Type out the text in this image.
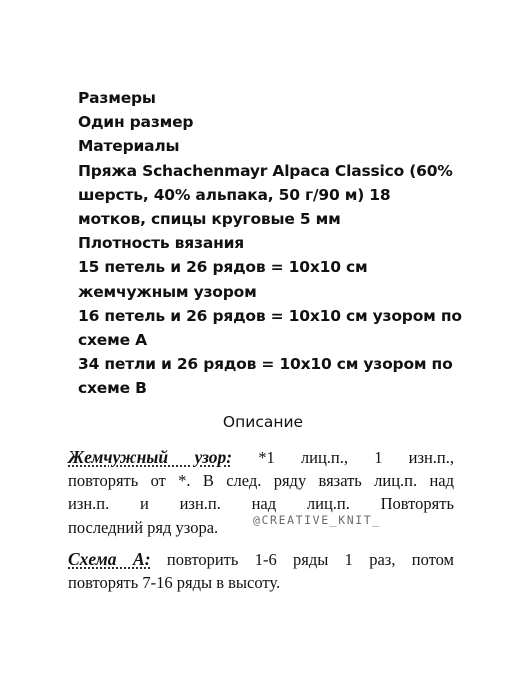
Размеры
Один размер
Материалы
Пряжа Schachenmayr Alpaca Classico (60%
шерсть, 40% альпака, 50 г/90 м) 18
мотков, спицы круговые 5 мм
Плотность вязания
15 петель и 26 рядов = 10х10 см
жемчужным узором
16 петель и 26 рядов = 10х10 см узором по
схеме А
34 петли и 26 рядов = 10х10 см узором по
схеме В
Описание

Жемчужный узор: *1 лиц.п., 1 изн.п.,
повторять от *. В след. ряду вязать лиц.п. над
изн.п. и изн.п. над лиц.п. Повторять
последний ряд узора.

Схема А: повторить 1-6 ряды 1 раз, потом
повторять 7-16 ряды в высоту.

@CREATIVE_KNIT_
